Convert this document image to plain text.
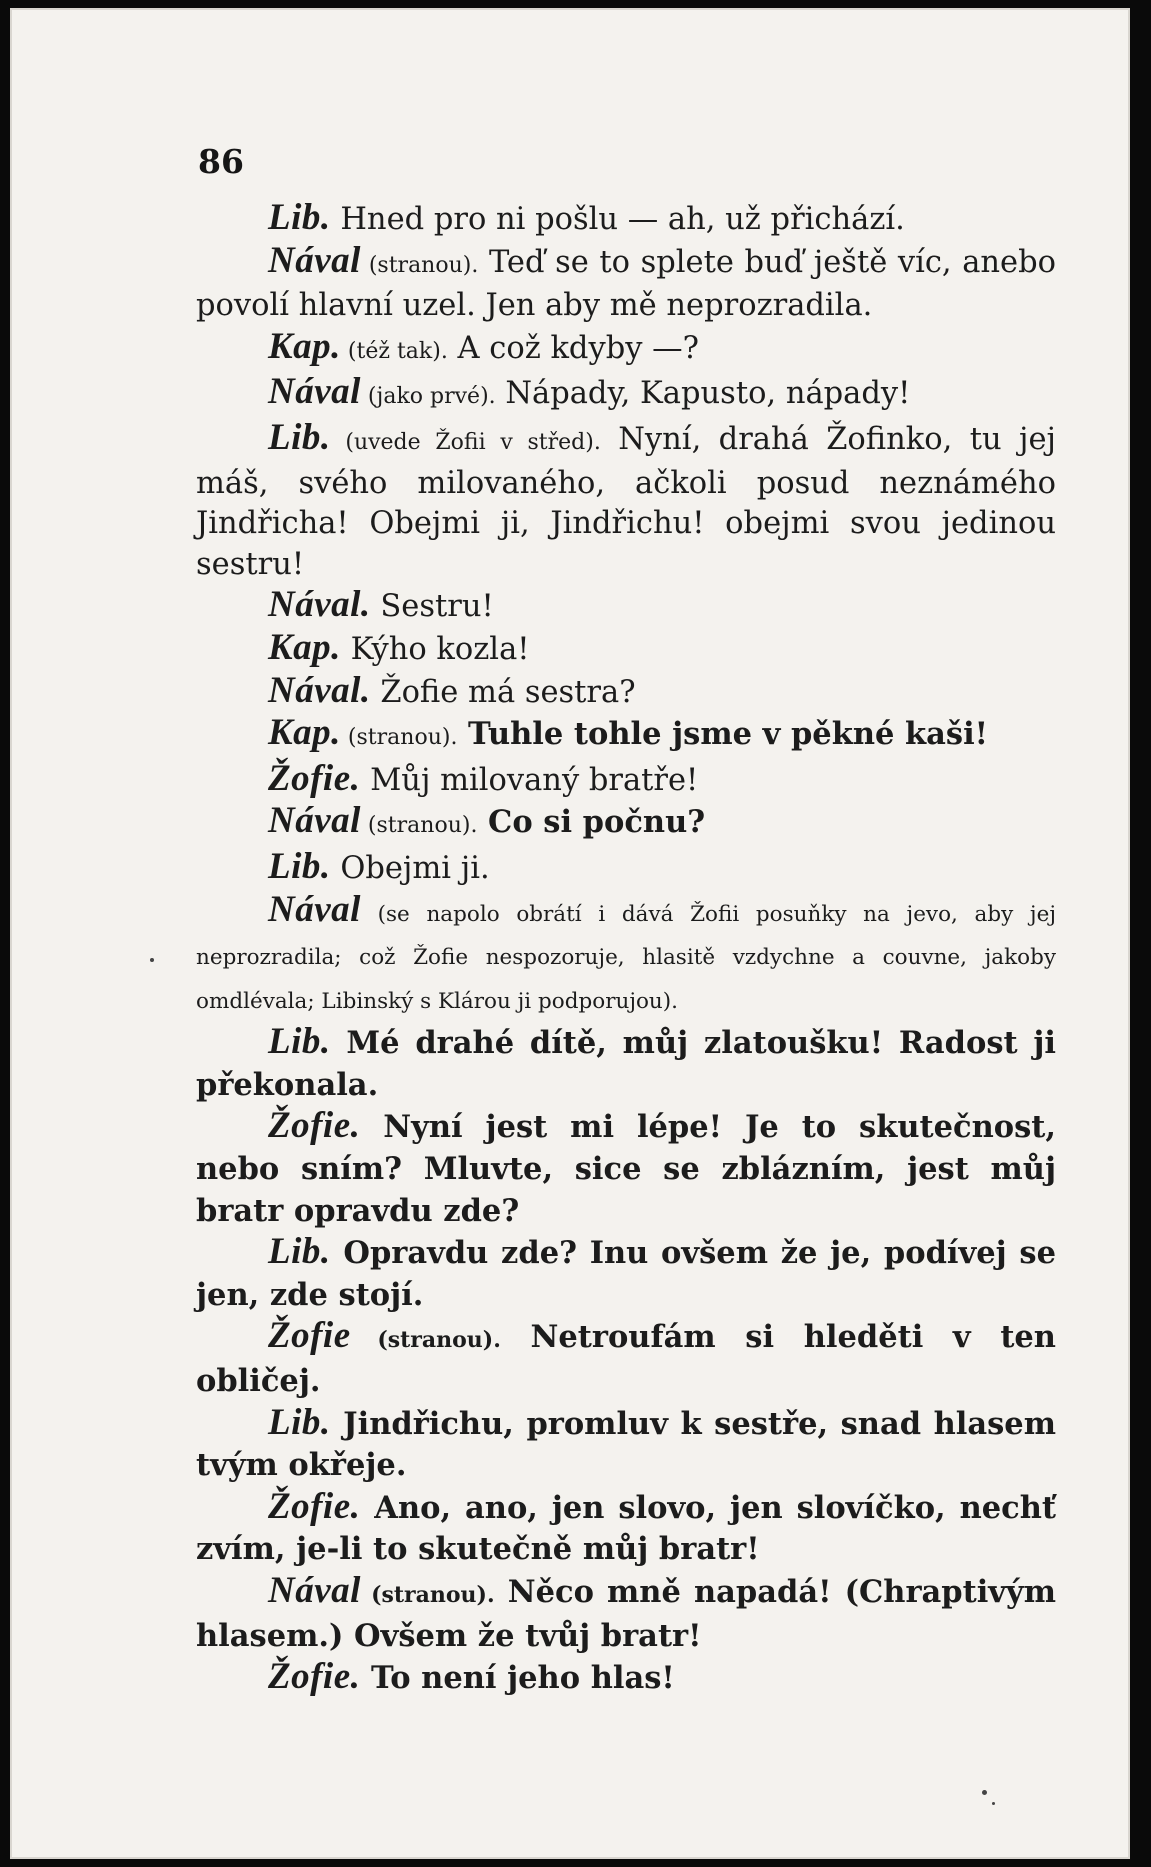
86

Lib. Hned pro ni pošlu — ah, už přichází.

Nával (stranou). Teď se to splete buď ještě víc, anebo povolí hlavní uzel. Jen aby mě neprozradila.

Kap. (též tak). A což kdyby —?

Nával (jako prvé). Nápady, Kapusto, nápady!

Lib. (uvede Žofii v střed). Nyní, drahá Žofinko, tu jej máš, svého milovaného, ačkoli posud neznámého Jindřicha! Obejmi ji, Jindřichu! obejmi svou jedinou sestru!

Nával. Sestru!

Kap. Kýho kozla!

Nával. Žofie má sestra?

Kap. (stranou). Tuhle tohle jsme v pěkné kaši!

Žofie. Můj milovaný bratře!

Nával (stranou). Co si počnu?

Lib. Obejmi ji.

Nával (se napolo obrátí i dává Žofii posuňky na jevo, aby jej neprozradila; což Žofie nespozoruje, hlasitě vzdychne a couvne, jakoby omdlévala; Libinský s Klárou ji podporujou).

Lib. Mé drahé dítě, můj zlatoušku! Radost ji překonala.

Žofie. Nyní jest mi lépe! Je to skutečnost, nebo sním? Mluvte, sice se zblázním, jest můj bratr opravdu zde?

Lib. Opravdu zde? Inu ovšem že je, podívej se jen, zde stojí.

Žofie (stranou). Netroufám si hleděti v ten obličej.

Lib. Jindřichu, promluv k sestře, snad hlasem tvým okřeje.

Žofie. Ano, ano, jen slovo, jen slovíčko, nechť zvím, je-li to skutečně můj bratr!

Nával (stranou). Něco mně napadá! (Chraptivým hlasem.) Ovšem že tvůj bratr!

Žofie. To není jeho hlas!
